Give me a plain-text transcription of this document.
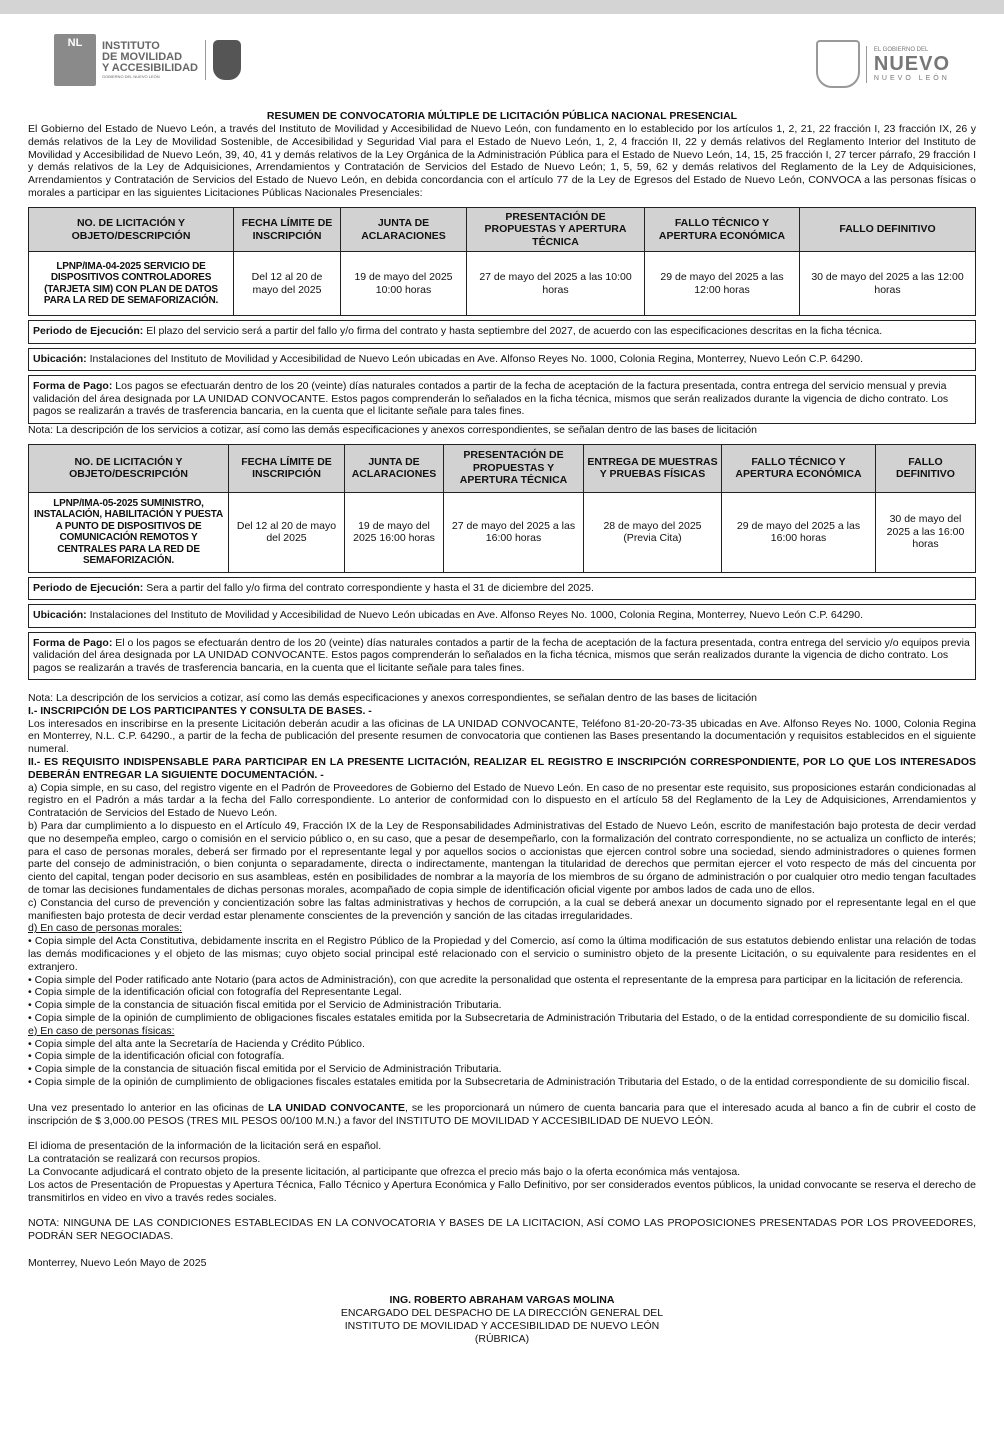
NL INSTITUTO
DE MOVILIDAD
Y ACCESIBILIDAD
GOBIERNO DEL NUEVO LEÓN
EL GOBIERNO DEL
NUEVO
NUEVO LEÓN
RESUMEN DE CONVOCATORIA MÚLTIPLE DE LICITACIÓN PÚBLICA NACIONAL PRESENCIAL

El Gobierno del Estado de Nuevo León, a través del Instituto de Movilidad y Accesibilidad de Nuevo León, con fundamento en lo establecido por los artículos 1, 2, 21, 22 fracción I, 23 fracción IX, 26 y demás relativos de la Ley de Movilidad Sostenible, de Accesibilidad y Seguridad Vial para el Estado de Nuevo León, 1, 2, 4 fracción II, 22 y demás relativos del Reglamento Interior del Instituto de Movilidad y Accesibilidad de Nuevo León, 39, 40, 41 y demás relativos de la Ley Orgánica de la Administración Pública para el Estado de Nuevo León, 14, 15, 25 fracción I, 27 tercer párrafo, 29 fracción I y demás relativos de la Ley de Adquisiciones, Arrendamientos y Contratación de Servicios del Estado de Nuevo León; 1, 5, 59, 62 y demás relativos del Reglamento de la Ley de Adquisiciones, Arrendamientos y Contratación de Servicios del Estado de Nuevo León, en debida concordancia con el artículo 77 de la Ley de Egresos del Estado de Nuevo León, CONVOCA a las personas físicas o morales a participar en las siguientes Licitaciones Públicas Nacionales Presenciales:

NO. DE LICITACIÓN Y OBJETO/DESCRIPCIÓN	FECHA LÍMITE DE INSCRIPCIÓN	JUNTA DE ACLARACIONES	PRESENTACIÓN DE PROPUESTAS Y APERTURA TÉCNICA	FALLO TÉCNICO Y APERTURA ECONÓMICA	FALLO DEFINITIVO
LPNP/IMA-04-2025 SERVICIO DE DISPOSITIVOS CONTROLADORES (TARJETA SIM) CON PLAN DE DATOS PARA LA RED DE SEMAFORIZACIÓN.	Del 12 al 20 de mayo del 2025	19 de mayo del 2025 10:00 horas	27 de mayo del 2025 a las 10:00 horas	29 de mayo del 2025 a las 12:00 horas	30 de mayo del 2025 a las 12:00 horas

Periodo de Ejecución: El plazo del servicio será a partir del fallo y/o firma del contrato y hasta septiembre del 2027, de acuerdo con las especificaciones descritas en la ficha técnica.					

Ubicación: Instalaciones del Instituto de Movilidad y Accesibilidad de Nuevo León ubicadas en Ave. Alfonso Reyes No. 1000, Colonia Regina, Monterrey, Nuevo León C.P. 64290.					

Forma de Pago: Los pagos se efectuarán dentro de los 20 (veinte) días naturales contados a partir de la fecha de aceptación de la factura presentada, contra entrega del servicio mensual y previa validación del área designada por LA UNIDAD CONVOCANTE. Estos pagos comprenderán lo señalados en la ficha técnica, mismos que serán realizados durante la vigencia de dicho contrato. Los pagos se realizarán a través de trasferencia bancaria, en la cuenta que el licitante señale para tales fines.					

Nota: La descripción de los servicios a cotizar, así como las demás especificaciones y anexos correspondientes, se señalan dentro de las bases de licitación

NO. DE LICITACIÓN Y OBJETO/DESCRIPCIÓN	FECHA LÍMITE DE INSCRIPCIÓN	JUNTA DE ACLARACIONES	PRESENTACIÓN DE PROPUESTAS Y APERTURA TÉCNICA	ENTREGA DE MUESTRAS Y PRUEBAS FÍSICAS	FALLO TÉCNICO Y APERTURA ECONÓMICA	FALLO DEFINITIVO
LPNP/IMA-05-2025 SUMINISTRO, INSTALACIÓN, HABILITACIÓN Y PUESTA A PUNTO DE DISPOSITIVOS DE COMUNICACIÓN REMOTOS Y CENTRALES PARA LA RED DE SEMAFORIZACIÓN.	Del 12 al 20 de mayo del 2025	19 de mayo del 2025 16:00 horas	27 de mayo del 2025 a las 16:00 horas	28 de mayo del 2025 (Previa Cita)	29 de mayo del 2025 a las 16:00 horas	30 de mayo del 2025 a las 16:00 horas

Periodo de Ejecución: Sera a partir del fallo y/o firma del contrato correspondiente y hasta el 31 de diciembre del 2025.						

Ubicación: Instalaciones del Instituto de Movilidad y Accesibilidad de Nuevo León ubicadas en Ave. Alfonso Reyes No. 1000, Colonia Regina, Monterrey, Nuevo León C.P. 64290.						

Forma de Pago: El o los pagos se efectuarán dentro de los 20 (veinte) días naturales contados a partir de la fecha de aceptación de la factura presentada, contra entrega del servicio y/o equipos previa validación del área designada por LA UNIDAD CONVOCANTE. Estos pagos comprenderán lo señalados en la ficha técnica, mismos que serán realizados durante la vigencia de dicho contrato. Los pagos se realizarán a través de trasferencia bancaria, en la cuenta que el licitante señale para tales fines.						

Nota: La descripción de los servicios a cotizar, así como las demás especificaciones y anexos correspondientes, se señalan dentro de las bases de licitación

I.- INSCRIPCIÓN DE LOS PARTICIPANTES Y CONSULTA DE BASES. -

Los interesados en inscribirse en la presente Licitación deberán acudir a las oficinas de LA UNIDAD CONVOCANTE, Teléfono 81-20-20-73-35 ubicadas en Ave. Alfonso Reyes No. 1000, Colonia Regina en Monterrey, N.L. C.P. 64290., a partir de la fecha de publicación del presente resumen de convocatoria que contienen las Bases presentando la documentación y requisitos establecidos en el siguiente numeral.

II.- ES REQUISITO INDISPENSABLE PARA PARTICIPAR EN LA PRESENTE LICITACIÓN, REALIZAR EL REGISTRO E INSCRIPCIÓN CORRESPONDIENTE, POR LO QUE LOS INTERESADOS DEBERÁN ENTREGAR LA SIGUIENTE DOCUMENTACIÓN. -

a) Copia simple, en su caso, del registro vigente en el Padrón de Proveedores de Gobierno del Estado de Nuevo León. En caso de no presentar este requisito, sus proposiciones estarán condicionadas al registro en el Padrón a más tardar a la fecha del Fallo correspondiente. Lo anterior de conformidad con lo dispuesto en el artículo 58 del Reglamento de la Ley de Adquisiciones, Arrendamientos y Contratación de Servicios del Estado de Nuevo León.

b) Para dar cumplimiento a lo dispuesto en el Artículo 49, Fracción IX de la Ley de Responsabilidades Administrativas del Estado de Nuevo León, escrito de manifestación bajo protesta de decir verdad que no desempeña empleo, cargo o comisión en el servicio público o, en su caso, que a pesar de desempeñarlo, con la formalización del contrato correspondiente, no se actualiza un conflicto de interés; para el caso de personas morales, deberá ser firmado por el representante legal y por aquellos socios o accionistas que ejercen control sobre una sociedad, siendo administradores o quienes formen parte del consejo de administración, o bien conjunta o separadamente, directa o indirectamente, mantengan la titularidad de derechos que permitan ejercer el voto respecto de más del cincuenta por ciento del capital, tengan poder decisorio en sus asambleas, estén en posibilidades de nombrar a la mayoría de los miembros de su órgano de administración o por cualquier otro medio tengan facultades de tomar las decisiones fundamentales de dichas personas morales, acompañado de copia simple de identificación oficial vigente por ambos lados de cada uno de ellos.

c) Constancia del curso de prevención y concientización sobre las faltas administrativas y hechos de corrupción, a la cual se deberá anexar un documento signado por el representante legal en el que manifiesten bajo protesta de decir verdad estar plenamente conscientes de la prevención y sanción de las citadas irregularidades.

d) En caso de personas morales:

• Copia simple del Acta Constitutiva, debidamente inscrita en el Registro Público de la Propiedad y del Comercio, así como la última modificación de sus estatutos debiendo enlistar una relación de todas las demás modificaciones y el objeto de las mismas; cuyo objeto social principal esté relacionado con el servicio o suministro objeto de la presente Licitación, o su equivalente para residentes en el extranjero.

• Copia simple del Poder ratificado ante Notario (para actos de Administración), con que acredite la personalidad que ostenta el representante de la empresa para participar en la licitación de referencia.

• Copia simple de la identificación oficial con fotografía del Representante Legal.

• Copia simple de la constancia de situación fiscal emitida por el Servicio de Administración Tributaria.

• Copia simple de la opinión de cumplimiento de obligaciones fiscales estatales emitida por la Subsecretaria de Administración Tributaria del Estado, o de la entidad correspondiente de su domicilio fiscal.

e) En caso de personas físicas:

• Copia simple del alta ante la Secretaría de Hacienda y Crédito Público.

• Copia simple de la identificación oficial con fotografía.

• Copia simple de la constancia de situación fiscal emitida por el Servicio de Administración Tributaria.

• Copia simple de la opinión de cumplimiento de obligaciones fiscales estatales emitida por la Subsecretaria de Administración Tributaria del Estado, o de la entidad correspondiente de su domicilio fiscal.

Una vez presentado lo anterior en las oficinas de LA UNIDAD CONVOCANTE, se les proporcionará un número de cuenta bancaria para que el interesado acuda al banco a fin de cubrir el costo de inscripción de $ 3,000.00 PESOS (TRES MIL PESOS 00/100 M.N.) a favor del INSTITUTO DE MOVILIDAD Y ACCESIBILIDAD DE NUEVO LEÓN.

El idioma de presentación de la información de la licitación será en español.

La contratación se realizará con recursos propios.

La Convocante adjudicará el contrato objeto de la presente licitación, al participante que ofrezca el precio más bajo o la oferta económica más ventajosa.

Los actos de Presentación de Propuestas y Apertura Técnica, Fallo Técnico y Apertura Económica y Fallo Definitivo, por ser considerados eventos públicos, la unidad convocante se reserva el derecho de transmitirlos en video en vivo a través redes sociales.

NOTA: NINGUNA DE LAS CONDICIONES ESTABLECIDAS EN LA CONVOCATORIA Y BASES DE LA LICITACION, ASÍ COMO LAS PROPOSICIONES PRESENTADAS POR LOS PROVEEDORES, PODRÁN SER NEGOCIADAS.

Monterrey, Nuevo León Mayo de 2025

ING. ROBERTO ABRAHAM VARGAS MOLINA
ENCARGADO DEL DESPACHO DE LA DIRECCIÓN GENERAL DEL
INSTITUTO DE MOVILIDAD Y ACCESIBILIDAD DE NUEVO LEÓN
(RÚBRICA)
